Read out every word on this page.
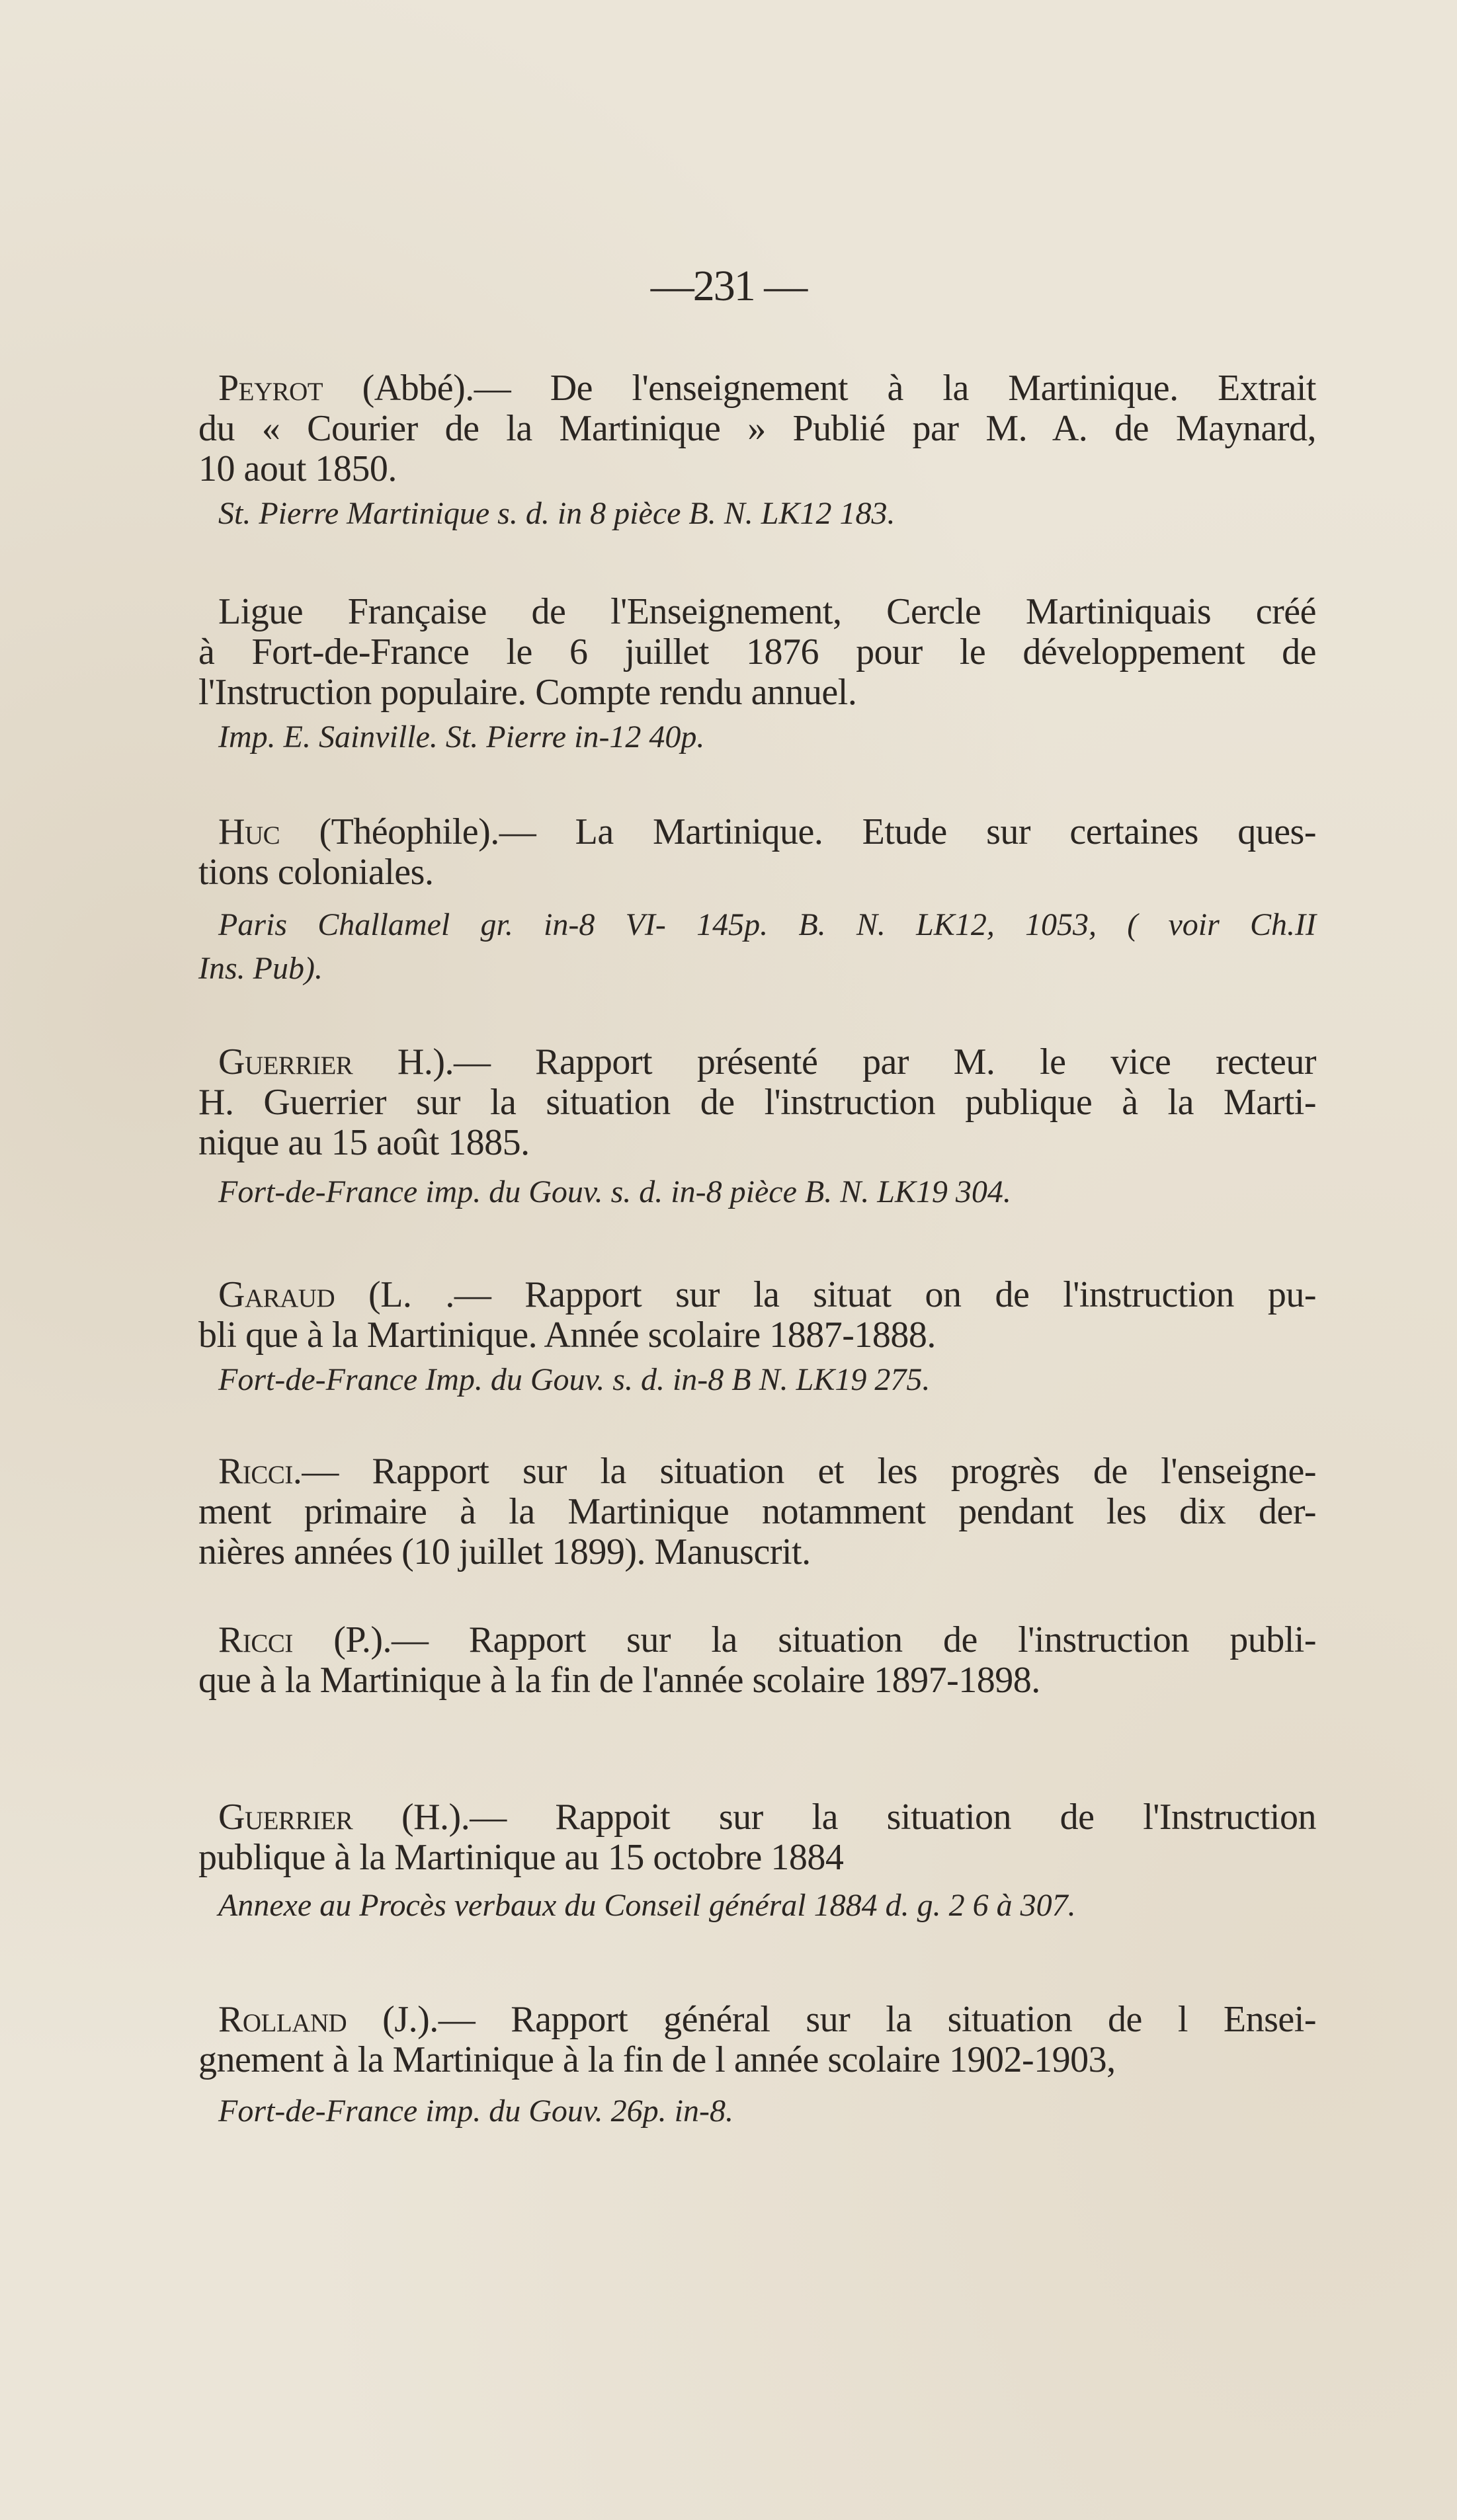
—231 —
Peyrot (Abbé).— De l'enseignement à la Martinique. Extrait
du « Courier de la Martinique » Publié par M. A. de Maynard,
10 aout 1850.
St. Pierre Martinique s. d. in 8 pièce B. N. LK12 183.
Ligue Française de l'Enseignement, Cercle Martiniquais créé
à Fort-de-France le 6 juillet 1876 pour le développement de
l'Instruction populaire. Compte rendu annuel.
Imp. E. Sainville. St. Pierre in-12 40p.
Huc (Théophile).— La Martinique. Etude sur certaines ques-
tions coloniales.
Paris Challamel gr. in-8 VI- 145p. B. N. LK12, 1053, ( voir Ch.II
Ins. Pub).
Guerrier H.).— Rapport présenté par M. le vice recteur
H. Guerrier sur la situation de l'instruction publique à la Marti-
nique au 15 août 1885.
Fort-de-France imp. du Gouv. s. d. in-8 pièce B. N. LK19 304.
Garaud (L. .— Rapport sur la situat on de l'instruction pu-
bli que à la Martinique. Année scolaire 1887-1888.
Fort-de-France Imp. du Gouv. s. d. in-8 B N. LK19 275.
Ricci.— Rapport sur la situation et les progrès de l'enseigne-
ment primaire à la Martinique notamment pendant les dix der-
nières années (10 juillet 1899). Manuscrit.
Ricci (P.).— Rapport sur la situation de l'instruction publi-
que à la Martinique à la fin de l'année scolaire 1897-1898.
Guerrier (H.).— Rappoit sur la situation de l'Instruction
publique à la Martinique au 15 octobre 1884
Annexe au Procès verbaux du Conseil général 1884 d. g. 2 6 à 307.
Rolland (J.).— Rapport général sur la situation de l Ensei-
gnement à la Martinique à la fin de l année scolaire 1902-1903,
Fort-de-France imp. du Gouv. 26p. in-8.
